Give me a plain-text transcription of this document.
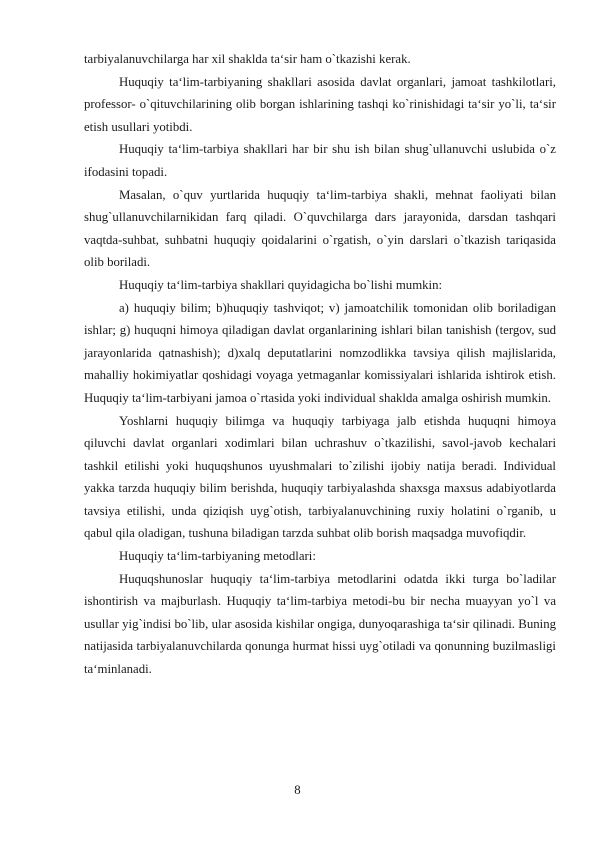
tarbiyalanuvchilarga har xil shaklda ta‘sir ham o`tkazishi kerak.

Huquqiy ta‘lim-tarbiyaning shakllari asosida davlat organlari, jamoat tashkilotlari, professor- o`qituvchilarining olib borgan ishlarining tashqi ko`rinishidagi ta‘sir yo`li, ta‘sir etish usullari yotibdi.

Huquqiy ta‘lim-tarbiya shakllari har bir shu ish bilan shug`ullanuvchi uslubida o`z ifodasini topadi.

Masalan, o`quv yurtlarida huquqiy ta‘lim-tarbiya shakli, mehnat faoliyati bilan shug`ullanuvchilarnikidan farq qiladi. O`quvchilarga dars jarayonida, darsdan tashqari vaqtda-suhbat, suhbatni huquqiy qoidalarini o`rgatish, o`yin darslari o`tkazish tariqasida olib boriladi.

Huquqiy ta‘lim-tarbiya shakllari quyidagicha bo`lishi mumkin:

a) huquqiy bilim; b)huquqiy tashviqot; v) jamoatchilik tomonidan olib boriladigan ishlar; g) huquqni himoya qiladigan davlat organlarining ishlari bilan tanishish (tergov, sud jarayonlarida qatnashish); d)xalq deputatlarini nomzodlikka tavsiya qilish majlislarida, mahalliy hokimiyatlar qoshidagi voyaga yetmaganlar komissiyalari ishlarida ishtirok etish. Huquqiy ta‘lim-tarbiyani jamoa o`rtasida yoki individual shaklda amalga oshirish mumkin.

Yoshlarni huquqiy bilimga va huquqiy tarbiyaga jalb etishda huquqni himoya qiluvchi davlat organlari xodimlari bilan uchrashuv o`tkazilishi, savol-javob kechalari tashkil etilishi yoki huquqshunos uyushmalari to`zilishi ijobiy natija beradi. Individual yakka tarzda huquqiy bilim berishda, huquqiy tarbiyalashda shaxsga maxsus adabiyotlarda tavsiya etilishi, unda qiziqish uyg`otish, tarbiyalanuvchining ruxiy holatini o`rganib, u qabul qila oladigan, tushuna biladigan tarzda suhbat olib borish maqsadga muvofiqdir.

Huquqiy ta‘lim-tarbiyaning metodlari:

Huquqshunoslar huquqiy ta‘lim-tarbiya metodlarini odatda ikki turga bo`ladilar ishontirish va majburlash. Huquqiy ta‘lim-tarbiya metodi-bu bir necha muayyan yo`l va usullar yig`indisi bo`lib, ular asosida kishilar ongiga, dunyoqarashiga ta‘sir qilinadi. Buning natijasida tarbiyalanuvchilarda qonunga hurmat hissi uyg`otiladi va qonunning buzilmasligi ta‘minlanadi.

8
